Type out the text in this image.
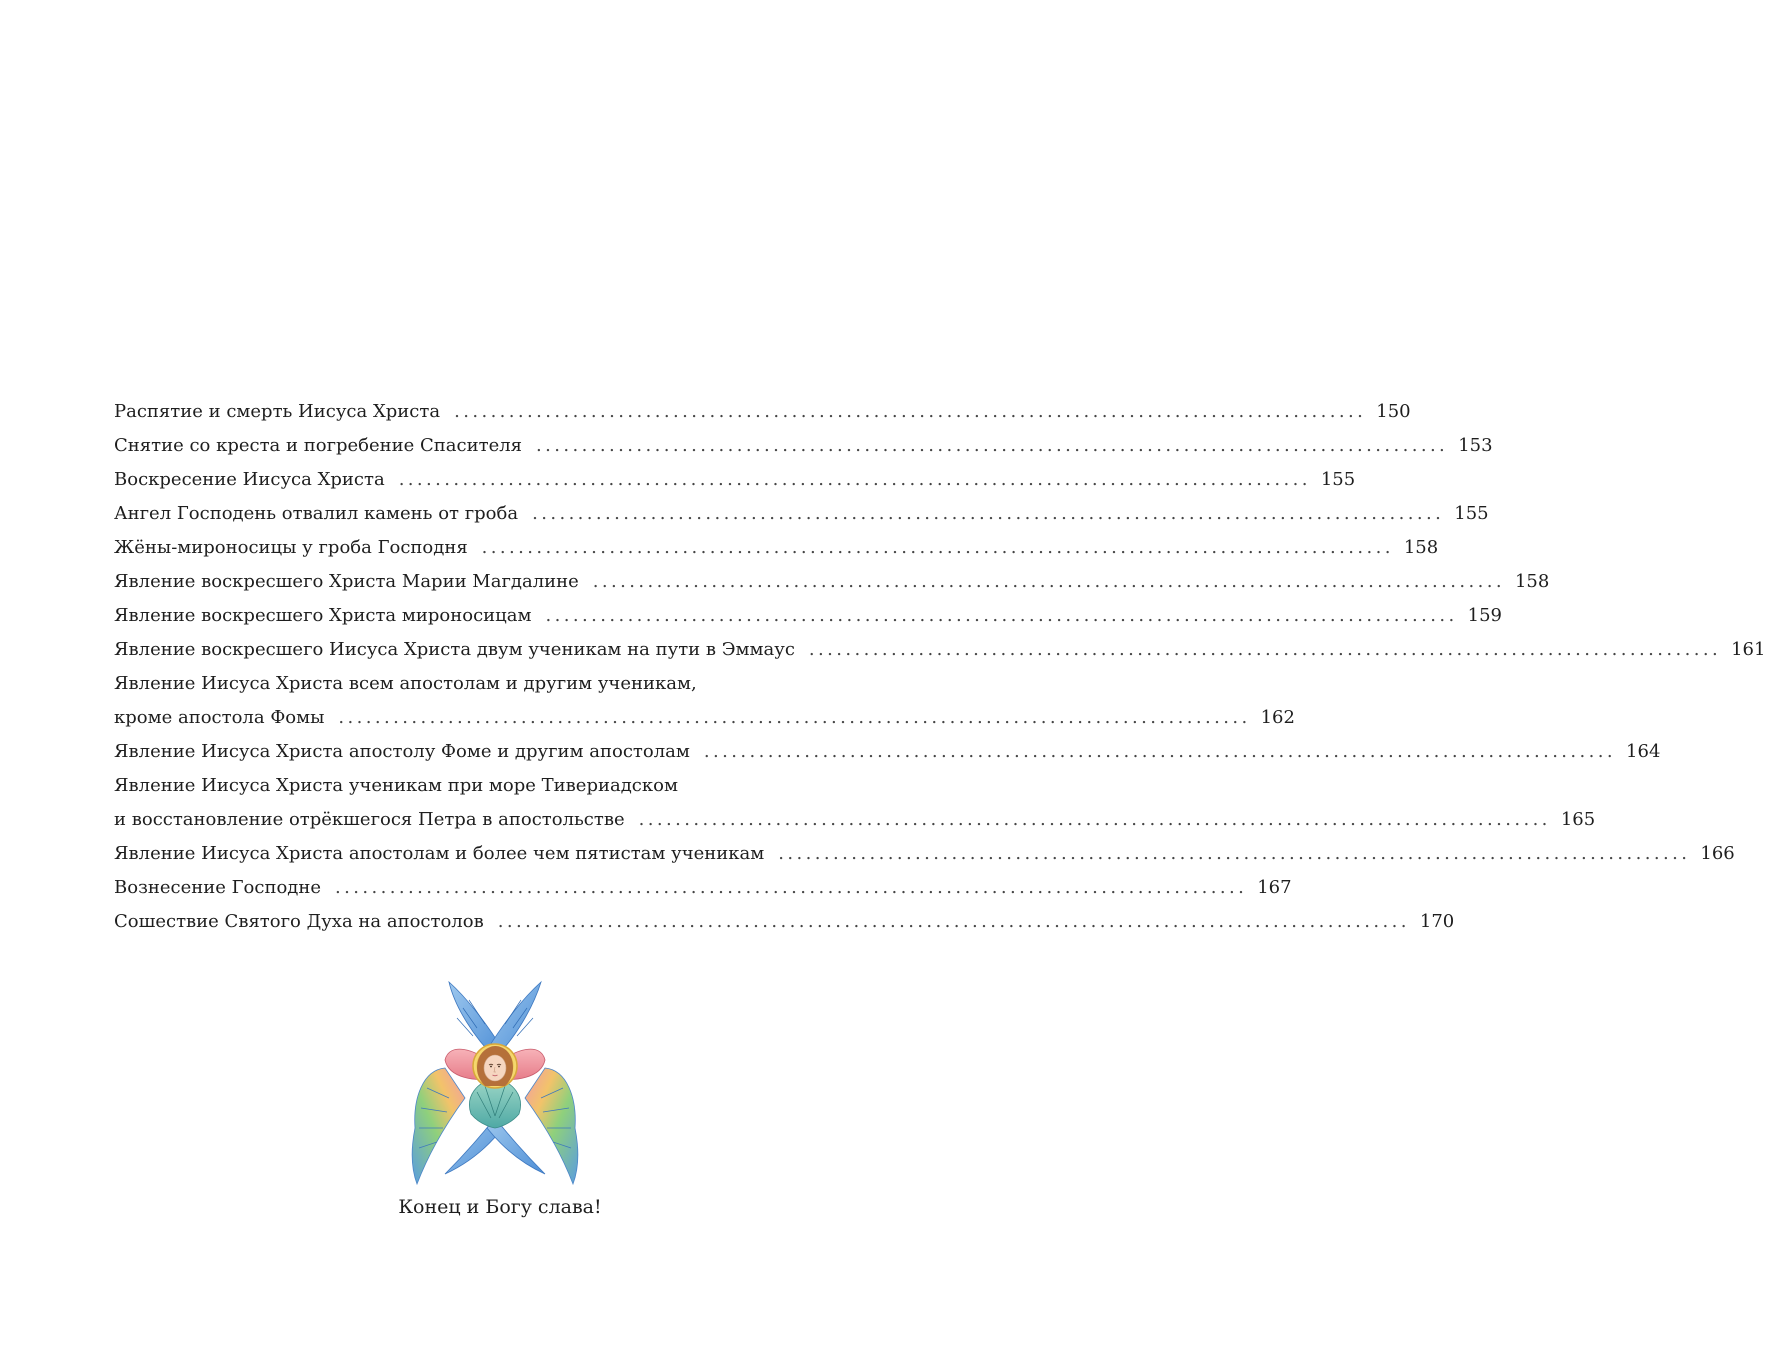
Распятие и смерть Иисуса Христа .................................................................................................... 150
Снятие со креста и погребение Спасителя .................................................................................................... 153
Воскресение Иисуса Христа .................................................................................................... 155
Ангел Господень отвалил камень от гроба .................................................................................................... 155
Жёны-мироносицы у гроба Господня .................................................................................................... 158
Явление воскресшего Христа Марии Магдалине .................................................................................................... 158
Явление воскресшего Христа мироносицам .................................................................................................... 159
Явление воскресшего Иисуса Христа двум ученикам на пути в Эммаус .................................................................................................... 161
Явление Иисуса Христа всем апостолам и другим ученикам,
кроме апостола Фомы .................................................................................................... 162
Явление Иисуса Христа апостолу Фоме и другим апостолам .................................................................................................... 164
Явление Иисуса Христа ученикам при море Тивериадском
и восстановление отрёкшегося Петра в апостольстве .................................................................................................... 165
Явление Иисуса Христа апостолам и более чем пятистам ученикам .................................................................................................... 166
Вознесение Господне .................................................................................................... 167
Сошествие Святого Духа на апостолов .................................................................................................... 170
Конец и Богу слава!
